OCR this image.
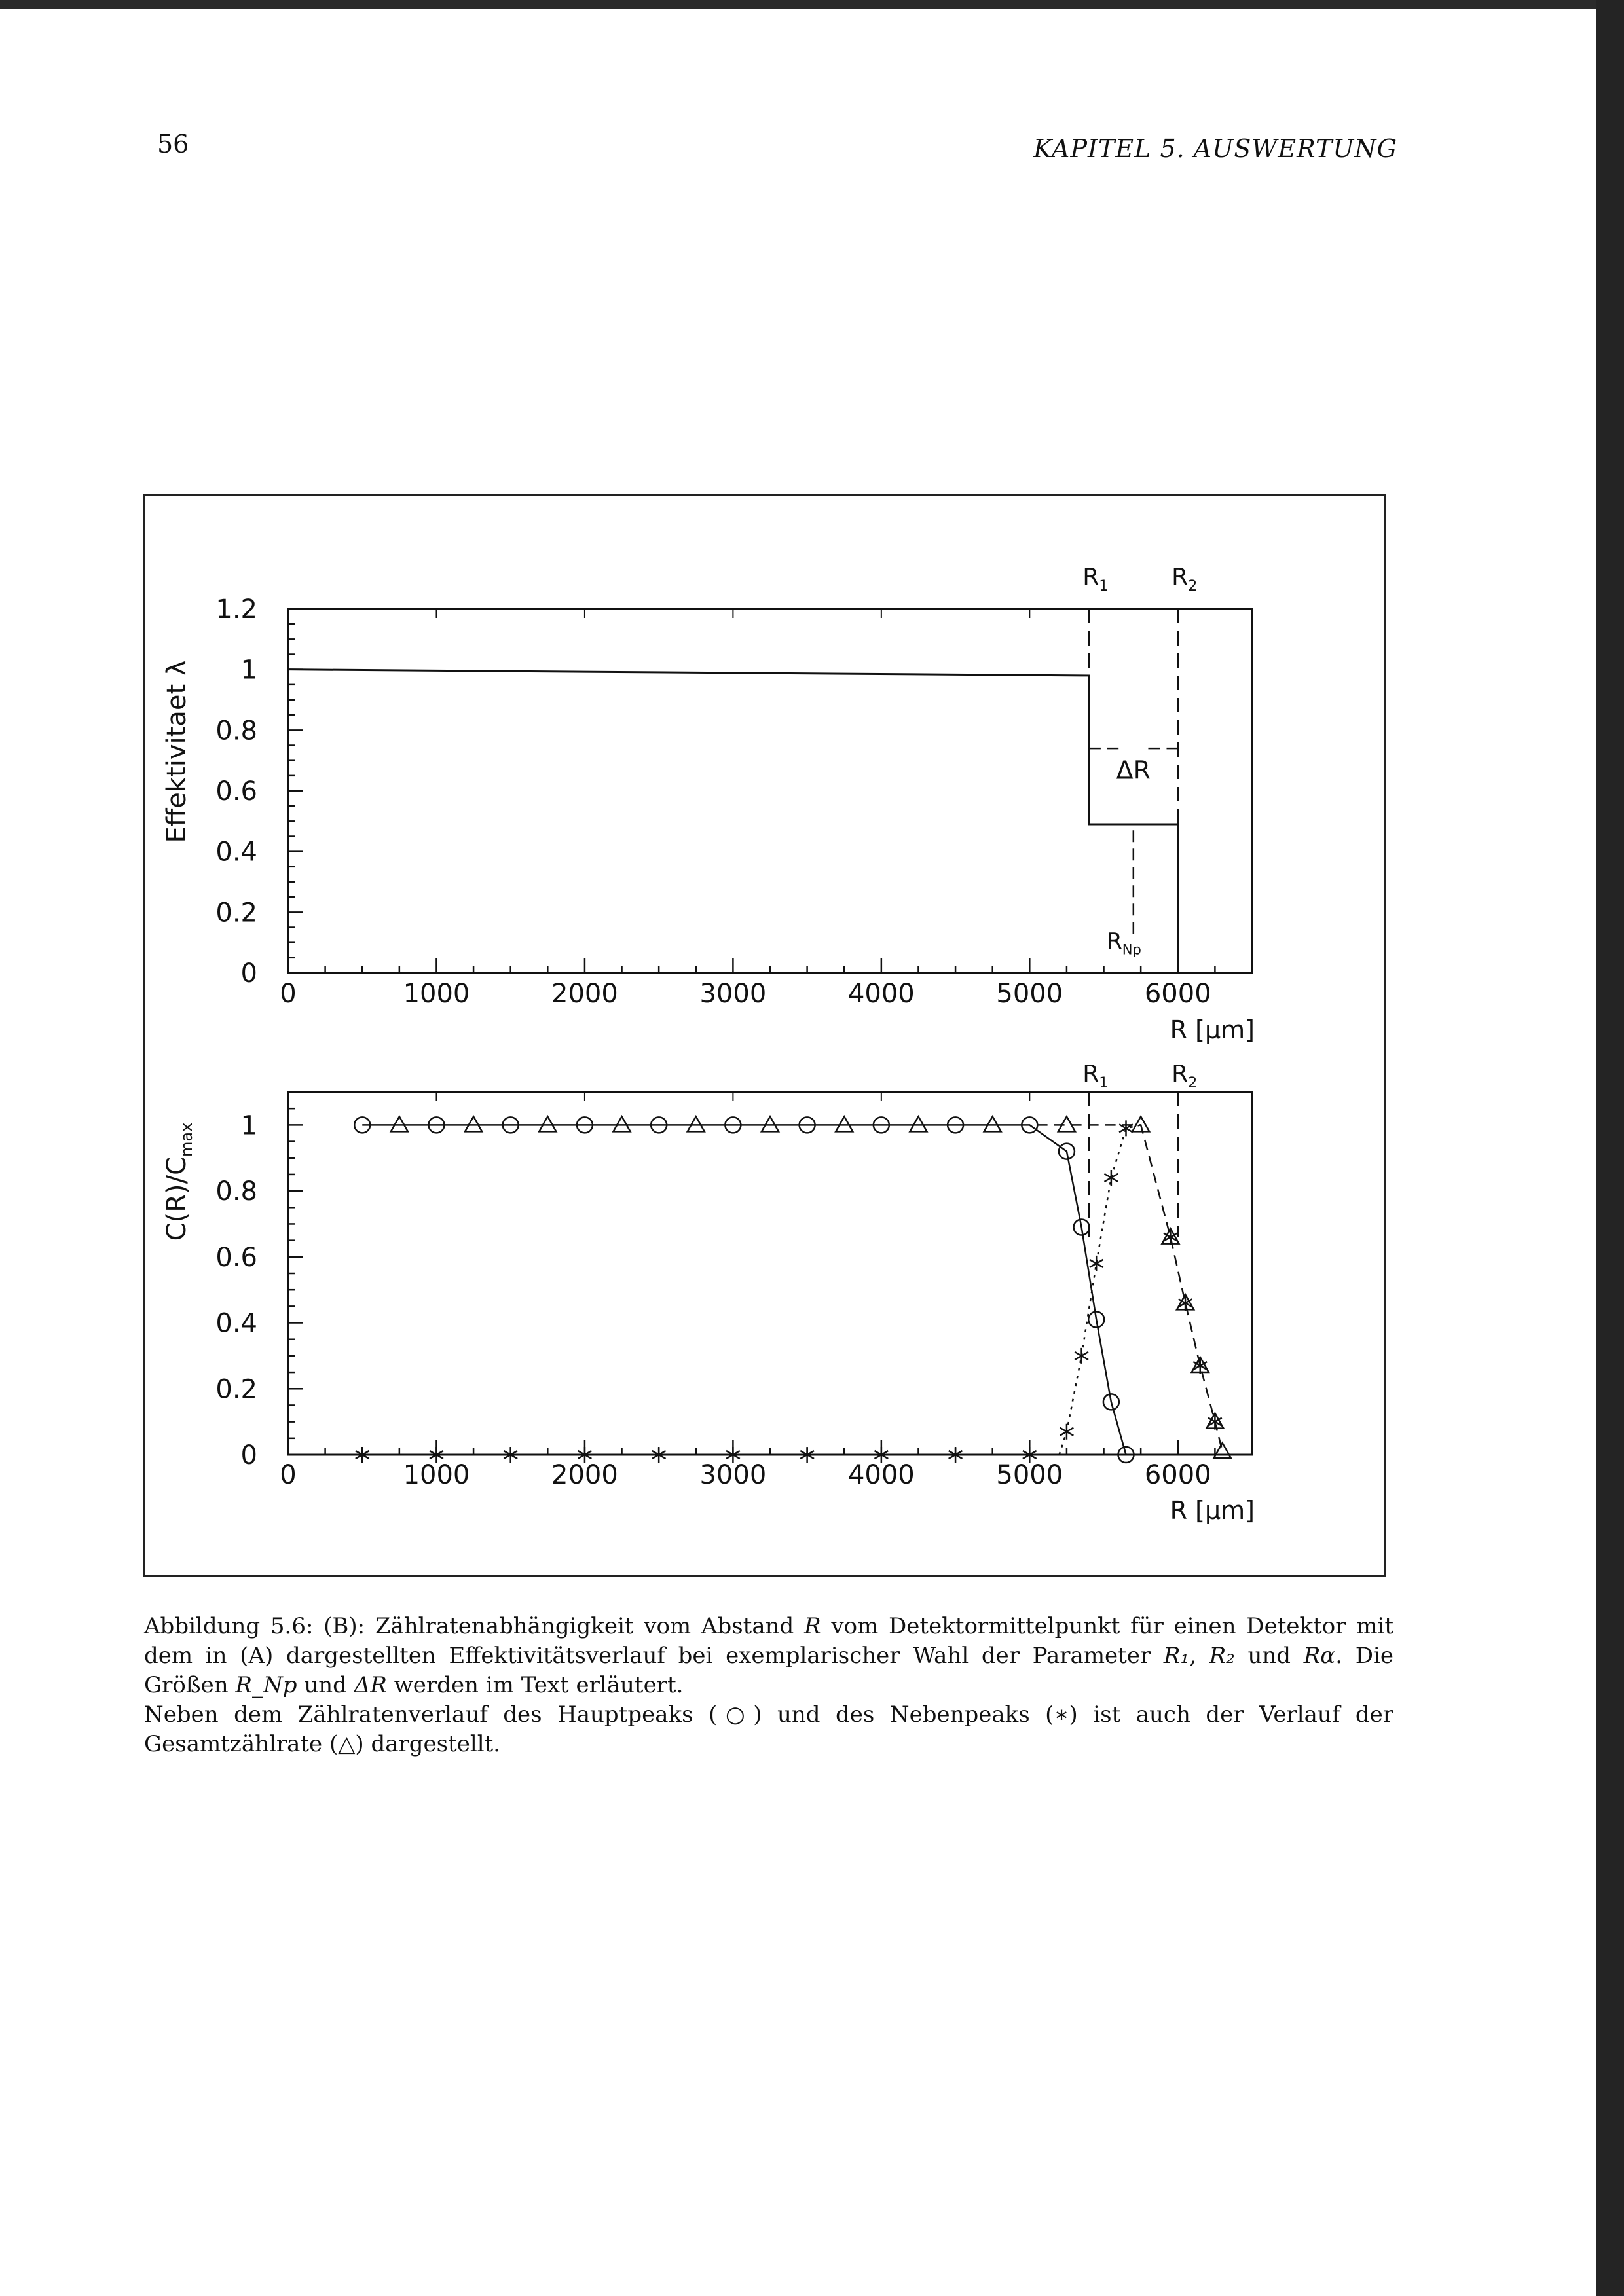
56	KAPITEL 5. AUSWERTUNG
0	1000	2000	3000	4000	5000	6000
R [μm]
0
0.2
0.4
0.6
0.8
1
1.2
Effektivitaet λ
$R_1$	$R_2$
0	1000	2000	3000	4000	5000	6000
R [μm]
0
0.2
0.4
0.6
0.8
1
$C(R)/C_{max}$
$R_1$	$R_2$
ΔR
$R_{Np}$

Abbildung 5.6: (B): Zählratenabhängigkeit vom Abstand R vom Detektormittelpunkt für einen Detektor mit dem in (A) dargestellten Effektivitätsverlauf bei exemplarischer Wahl der Parameter R₁, R₂ und Rα. Die Größen R_Np und ΔR werden im Text erläutert.

Neben dem Zählratenverlauf des Hauptpeaks (○) und des Nebenpeaks (∗) ist auch der Verlauf der Gesamtzählrate (△) dargestellt.
